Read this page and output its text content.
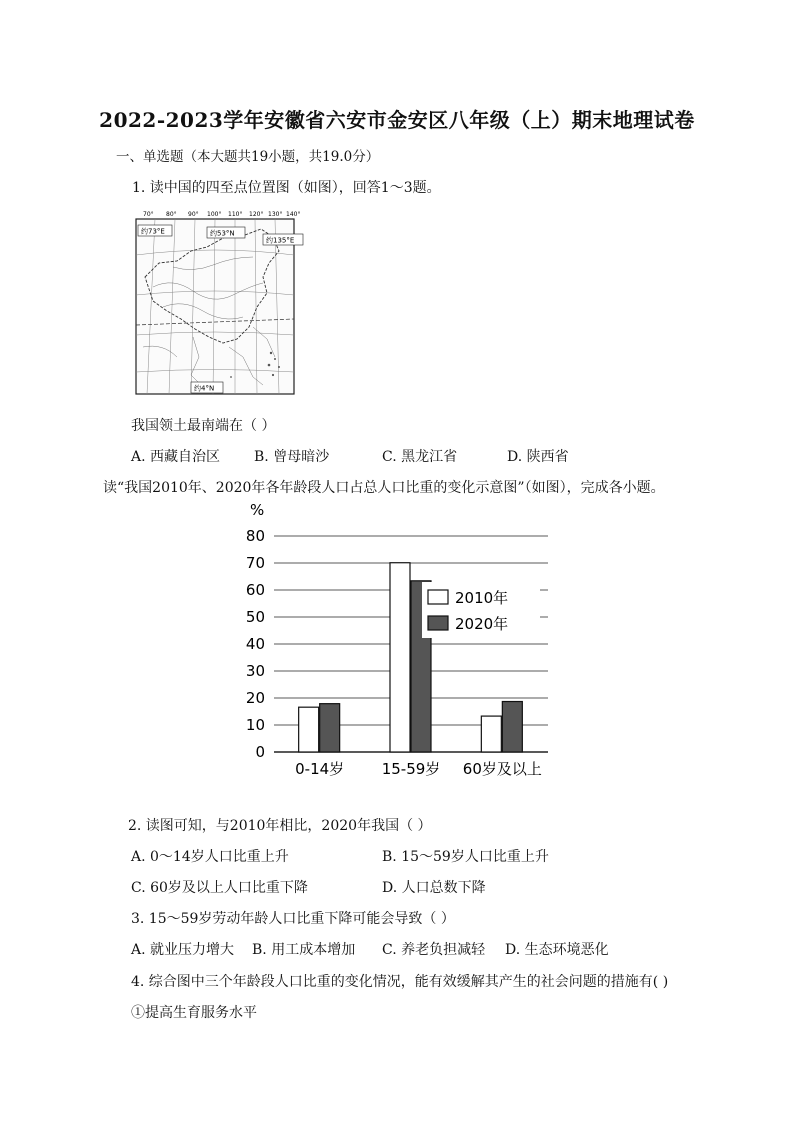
2022-2023学年安徽省六安市金安区八年级（上）期末地理试卷
一、单选题（本大题共19小题，共19.0分）
1. 读中国的四至点位置图（如图），回答1～3题。
70° 80° 90° 100° 110° 120° 130° 140°
约73°E	约53°N
约135°E
约4°N
我国领土最南端在（ ）
A. 西藏自治区 B. 曾母暗沙	C. 黑龙江省	D. 陕西省
读“我国2010年、2020年各年龄段人口占总人口比重的变化示意图”（如图），完成各小题。
%
0
10
20
30
40
50
60
70
80
0-14岁	15-59岁 60岁及以上
2010年
2020年
2. 读图可知，与2010年相比，2020年我国（ ）
A. 0～14岁人口比重上升	B. 15～59岁人口比重上升
C. 60岁及以上人口比重下降	D. 人口总数下降
3. 15～59岁劳动年龄人口比重下降可能会导致（ ）
A. 就业压力增大 B. 用工成本增加 C. 养老负担减轻 D. 生态环境恶化
4. 综合图中三个年龄段人口比重的变化情况，能有效缓解其产生的社会问题的措施有( )
①提高生育服务水平
